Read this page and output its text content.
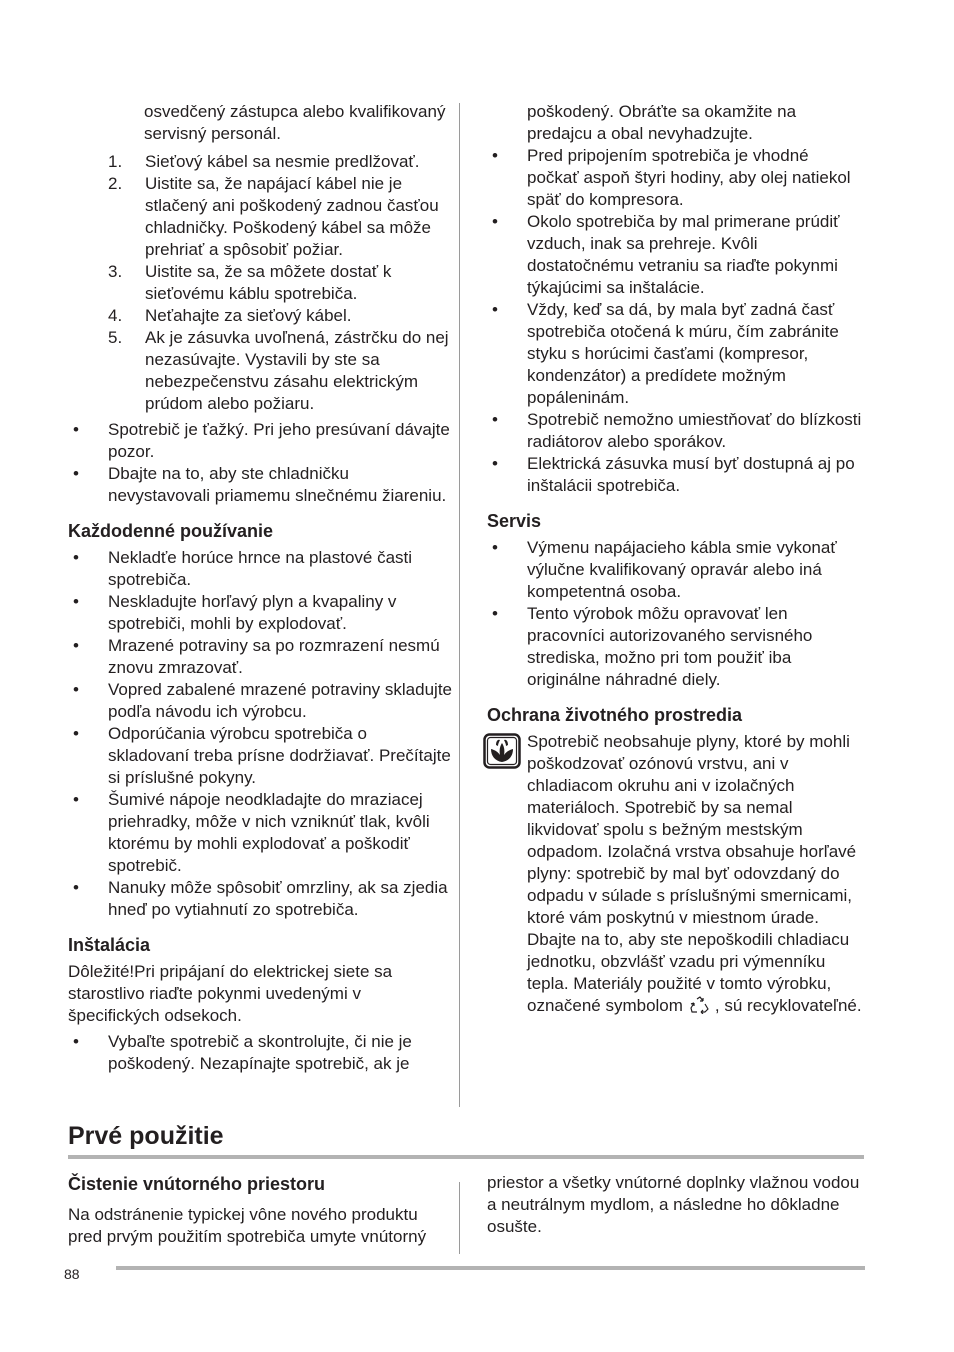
osvedčený zástupca alebo kvalifikovaný servisný personál.

1. Sieťový kábel sa nesmie predlžovať.
2. Uistite sa, že napájací kábel nie je stlačený ani poškodený zadnou časťou chladničky. Poškodený kábel sa môže prehriať a spôsobiť požiar.
3. Uistite sa, že sa môžete dostať k sieťovému káblu spotrebiča.
4. Neťahajte za sieťový kábel.
5. Ak je zásuvka uvoľnená, zástrčku do nej nezasúvajte. Vystavili by ste sa nebezpečenstvu zásahu elektrickým prúdom alebo požiaru.
• Spotrebič je ťažký. Pri jeho presúvaní dávajte pozor.
• Dbajte na to, aby ste chladničku nevystavovali priamemu slnečnému žiareniu.
Každodenné používanie
• Nekladťe horúce hrnce na plastové časti spotrebiča.
• Neskladujte horľavý plyn a kvapaliny v spotrebiči, mohli by explodovať.
• Mrazené potraviny sa po rozmrazení nesmú znovu zmrazovať.
• Vopred zabalené mrazené potraviny skladujte podľa návodu ich výrobcu.
• Odporúčania výrobcu spotrebiča o skladovaní treba prísne dodržiavať. Prečítajte si príslušné pokyny.
• Šumivé nápoje neodkladajte do mraziacej priehradky, môže v nich vzniknúť tlak, kvôli ktorému by mohli explodovať a poškodiť spotrebič.
• Nanuky môže spôsobiť omrzliny, ak sa zjedia hneď po vytiahnutí zo spotrebiča.
Inštalácia

Dôležité!Pri pripájaní do elektrickej siete sa starostlivo riaďte pokynmi uvedenými v špecifických odsekoch.

• Vybaľte spotrebič a skontrolujte, či nie je poškodený. Nezapínajte spotrebič, ak je
poškodený. Obráťte sa okamžite na predajcu a obal nevyhadzujte.
• Pred pripojením spotrebiča je vhodné počkať aspoň štyri hodiny, aby olej natiekol späť do kompresora.
• Okolo spotrebiča by mal primerane prúdiť vzduch, inak sa prehreje. Kvôli dostatočnému vetraniu sa riaďte pokynmi týkajúcimi sa inštalácie.
• Vždy, keď sa dá, by mala byť zadná časť spotrebiča otočená k múru, čím zabránite styku s horúcimi časťami (kompresor, kondenzátor) a predídete možným popáleninám.
• Spotrebič nemožno umiestňovať do blízkosti radiátorov alebo sporákov.
• Elektrická zásuvka musí byť dostupná aj po inštalácii spotrebiča.
Servis
• Výmenu napájacieho kábla smie vykonať výlučne kvalifikovaný opravár alebo iná kompetentná osoba.
• Tento výrobok môžu opravovať len pracovníci autorizovaného servisného strediska, možno pri tom použiť iba originálne náhradné diely.
Ochrana životného prostredia
Spotrebič neobsahuje plyny, ktoré by mohli poškodzovať ozónovú vrstvu, ani v chladiacom okruhu ani v izolačných materiáloch. Spotrebič by sa nemal likvidovať spolu s bežným mestským odpadom. Izolačná vrstva obsahuje horľavé plyny: spotrebič by mal byť odovzdaný do odpadu v súlade s príslušnými smernicami, ktoré vám poskytnú v miestnom úrade. Dbajte na to, aby ste nepoškodili chladiacu jednotku, obzvlášť vzadu pri výmenníku tepla. Materiály použité v tomto výrobku, označené symbolom , sú recyklovateľné.
Prvé použitie
Čistenie vnútorného priestoru

Na odstránenie typickej vône nového produktu pred prvým použitím spotrebiča umyte vnútorný

priestor a všetky vnútorné doplnky vlažnou vodou a neutrálnym mydlom, a následne ho dôkladne osušte.

88
